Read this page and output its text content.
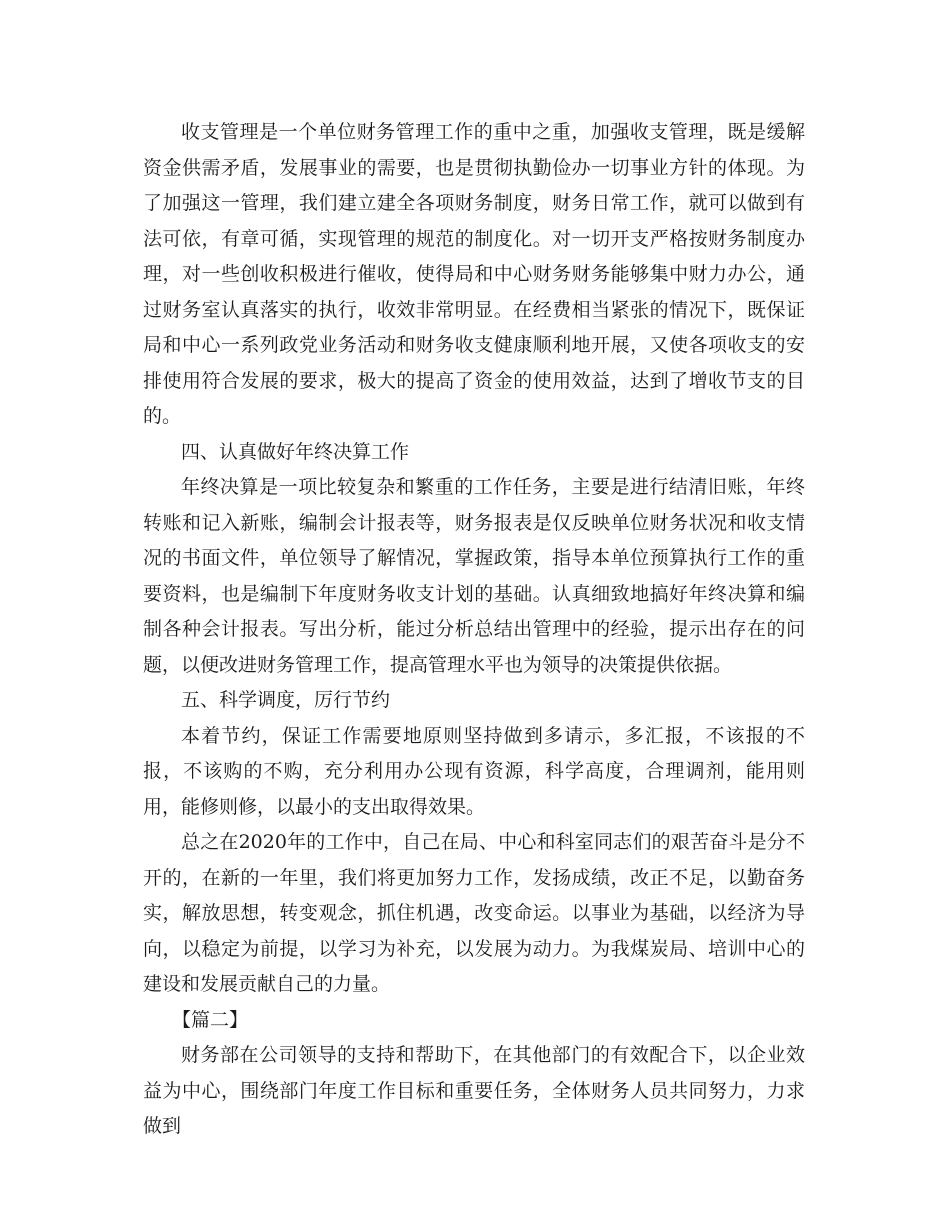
收支管理是一个单位财务管理工作的重中之重，加强收支管理，既是缓解资金供需矛盾，发展事业的需要，也是贯彻执勤俭办一切事业方针的体现。为了加强这一管理，我们建立建全各项财务制度，财务日常工作，就可以做到有法可依，有章可循，实现管理的规范的制度化。对一切开支严格按财务制度办理，对一些创收积极进行催收，使得局和中心财务财务能够集中财力办公，通过财务室认真落实的执行，收效非常明显。在经费相当紧张的情况下，既保证局和中心一系列政党业务活动和财务收支健康顺利地开展，又使各项收支的安排使用符合发展的要求，极大的提高了资金的使用效益，达到了增收节支的目的。

四、认真做好年终决算工作

年终决算是一项比较复杂和繁重的工作任务，主要是进行结清旧账，年终转账和记入新账，编制会计报表等，财务报表是仅反映单位财务状况和收支情况的书面文件，单位领导了解情况，掌握政策，指导本单位预算执行工作的重要资料，也是编制下年度财务收支计划的基础。认真细致地搞好年终决算和编制各种会计报表。写出分析，能过分析总结出管理中的经验，提示出存在的问题，以便改进财务管理工作，提高管理水平也为领导的决策提供依据。

五、科学调度，厉行节约

本着节约，保证工作需要地原则坚持做到多请示，多汇报，不该报的不报，不该购的不购，充分利用办公现有资源，科学高度，合理调剂，能用则用，能修则修，以最小的支出取得效果。

总之在2020年的工作中，自己在局、中心和科室同志们的艰苦奋斗是分不开的，在新的一年里，我们将更加努力工作，发扬成绩，改正不足，以勤奋务实，解放思想，转变观念，抓住机遇，改变命运。以事业为基础，以经济为导向，以稳定为前提，以学习为补充，以发展为动力。为我煤炭局、培训中心的建设和发展贡献自己的力量。

【篇二】

财务部在公司领导的支持和帮助下，在其他部门的有效配合下，以企业效益为中心，围绕部门年度工作目标和重要任务，全体财务人员共同努力，力求做到
